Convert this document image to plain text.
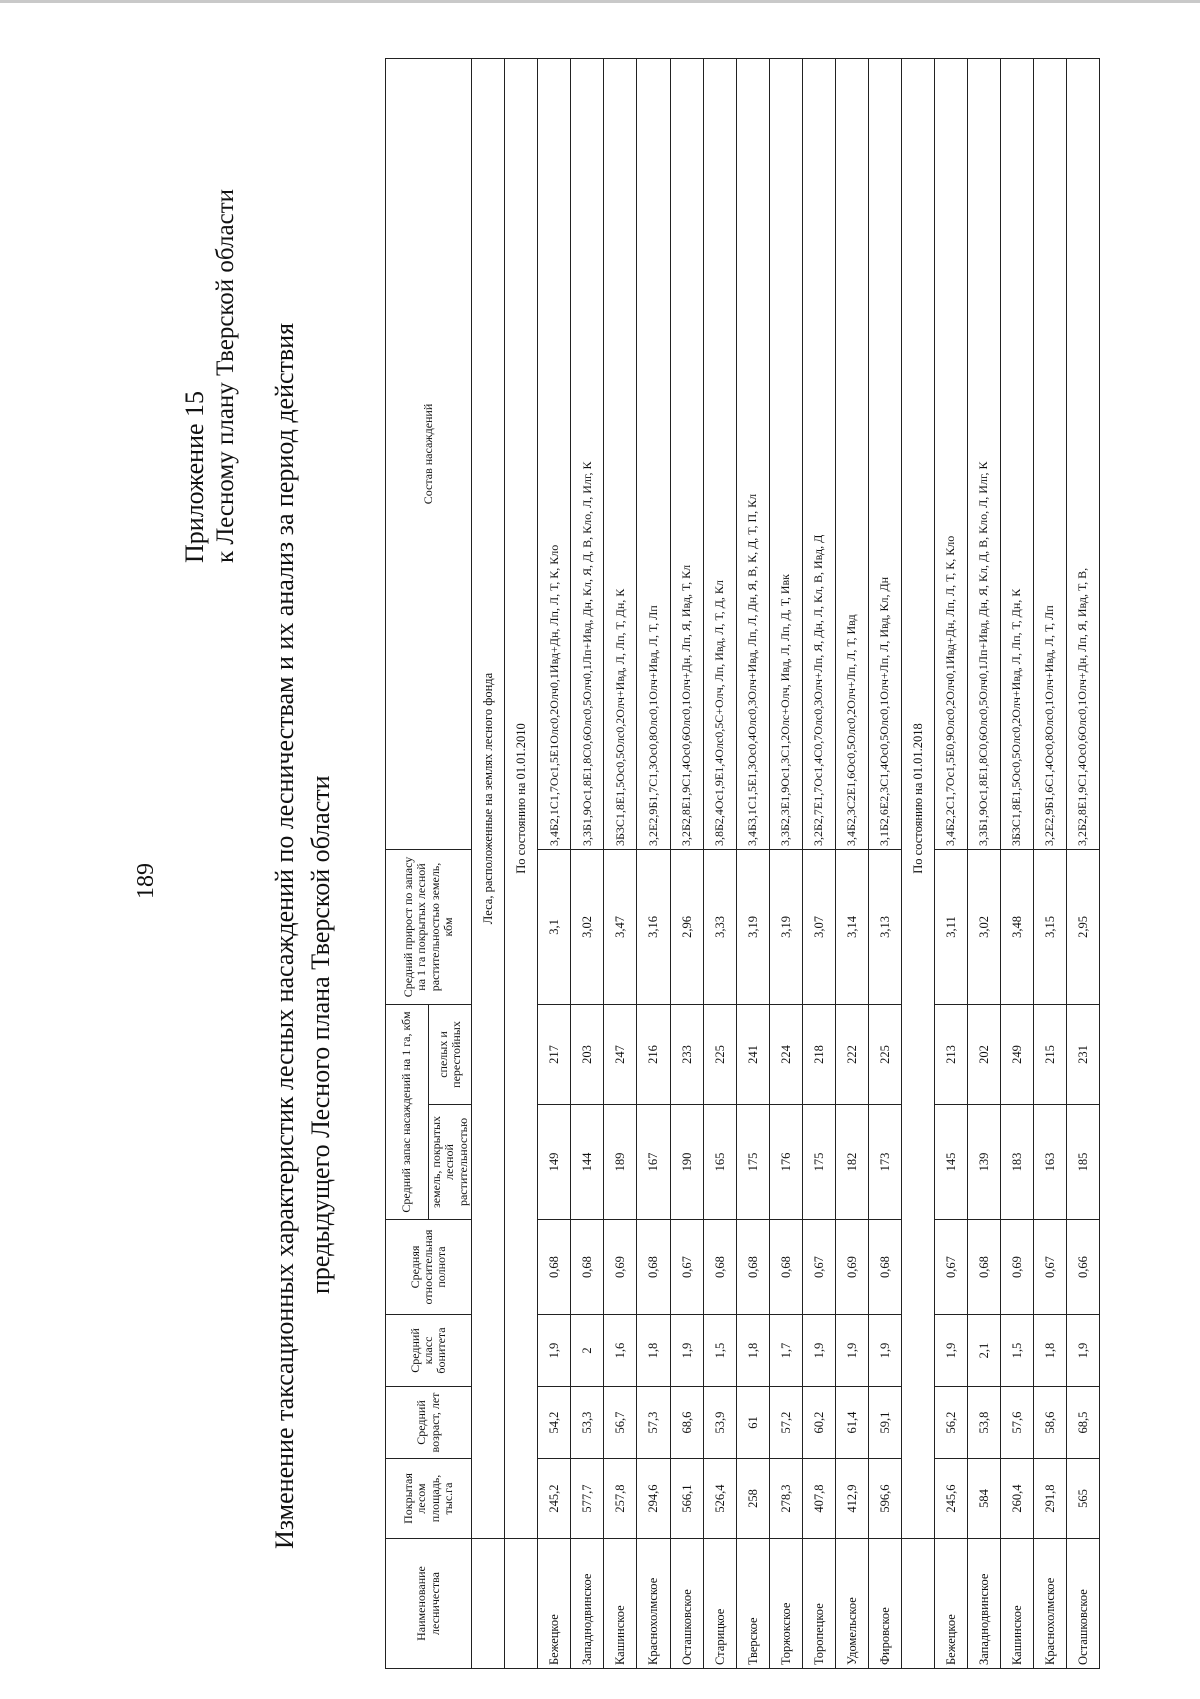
189
Приложение 15 к Лесному плану Тверской области Изменение таксационных характеристик лесных насаждений по лесничествам и их анализ за период действия предыдущего Лесного плана Тверской области
Наименование лесничества	Покрытая лесом площадь, тыс.га	Средний возраст, лет	Средний класс бонитета	Средняя относительная полнота	Средний запас насаждений на 1 га, кбм		Средний прирост по запасу на 1 га покрытых лесной растительностью земель, кбм	Состав насаждений
					земель, покрытых лесной растительностью	спелых и перестойных		
	Леса, расположенные на землях лесного фонда							
	По состоянию на 01.01.2010							
Бежецкое	245,2	54,2	1,9	0,68	149	217	3,1	3,4Б2,1С1,7Ос1,5Е1Олс0,2Олч0,1Ивд+Дн, Лп, Л, Т, К, Кло
Западнодвинское	577,7	53,3	2	0,68	144	203	3,02	3,3Б1,9Ос1,8Е1,8С0,6Олс0,5Олч0,1Лп+Ивд, Дн, Кл, Я, Д, В, Кло, Л, Илг, К
Кашинское	257,8	56,7	1,6	0,69	189	247	3,47	3Б3С1,8Е1,5Ос0,5Олс0,2Олч+Ивд, Л, Лп, Т, Дн, К
Краснохолмское	294,6	57,3	1,8	0,68	167	216	3,16	3,2Е2,9Б1,7С1,3Ос0,8Олс0,1Олч+Ивд, Л, Т, Лп
Осташковское	566,1	68,6	1,9	0,67	190	233	2,96	3,2Б2,8Е1,9С1,4Ос0,6Олс0,1Олч+Дн, Лп, Я, Ивд, Т, Кл
Старицкое	526,4	53,9	1,5	0,68	165	225	3,33	3,8Б2,4Ос1,9Е1,4Олс0,5С+Олч, Лп, Ивд, Л, Т, Д, Кл
Тверское	258	61	1,8	0,68	175	241	3,19	3,4Б3,1С1,5Е1,3Ос0,4Олс0,3Олч+Ивд, Лп, Л, Дн, Я, В, К, Д, Т, П, Кл
Торжокское	278,3	57,2	1,7	0,68	176	224	3,19	3,3Б2,3Е1,9Ос1,3С1,2Олс+Олч, Ивд, Л, Лп, Д, Т, Ивк
Торопецкое	407,8	60,2	1,9	0,67	175	218	3,07	3,2Б2,7Е1,7Ос1,4С0,7Олс0,3Олч+Лп, Я, Дн, Л, Кл, В, Ивд, Д
Удомельское	412,9	61,4	1,9	0,69	182	222	3,14	3,4Б2,3С2Е1,6Ос0,5Олс0,2Олч+Лп, Л, Т, Ивд
Фировское	596,6	59,1	1,9	0,68	173	225	3,13	3,1Б2,6Е2,3С1,4Ос0,5Олс0,1Олч+Лп, Л, Ивд, Кл, Дн
	По состоянию на 01.01.2018							
Бежецкое	245,6	56,2	1,9	0,67	145	213	3,11	3,4Б2,2С1,7Ос1,5Е0,9Олс0,2Олч0,1Ивд+Дн, Лп, Л, Т, К, Кло
Западнодвинское	584	53,8	2,1	0,68	139	202	3,02	3,3Б1,9Ос1,8Е1,8С0,6Олс0,5Олч0,1Лп+Ивд, Дн, Я, Кл, Д, В, Кло, Л, Илг, К
Кашинское	260,4	57,6	1,5	0,69	183	249	3,48	3Б3С1,8Е1,5Ос0,5Олс0,2Олч+Ивд, Л, Лп, Т, Дн, К
Краснохолмское	291,8	58,6	1,8	0,67	163	215	3,15	3,2Е2,9Б1,6С1,4Ос0,8Олс0,1Олч+Ивд, Л, Т, Лп
Осташковское	565	68,5	1,9	0,66	185	231	2,95	3,2Б2,8Е1,9С1,4Ос0,6Олс0,1Олч+Дн, Лп, Я, Ивд, Т, В,
